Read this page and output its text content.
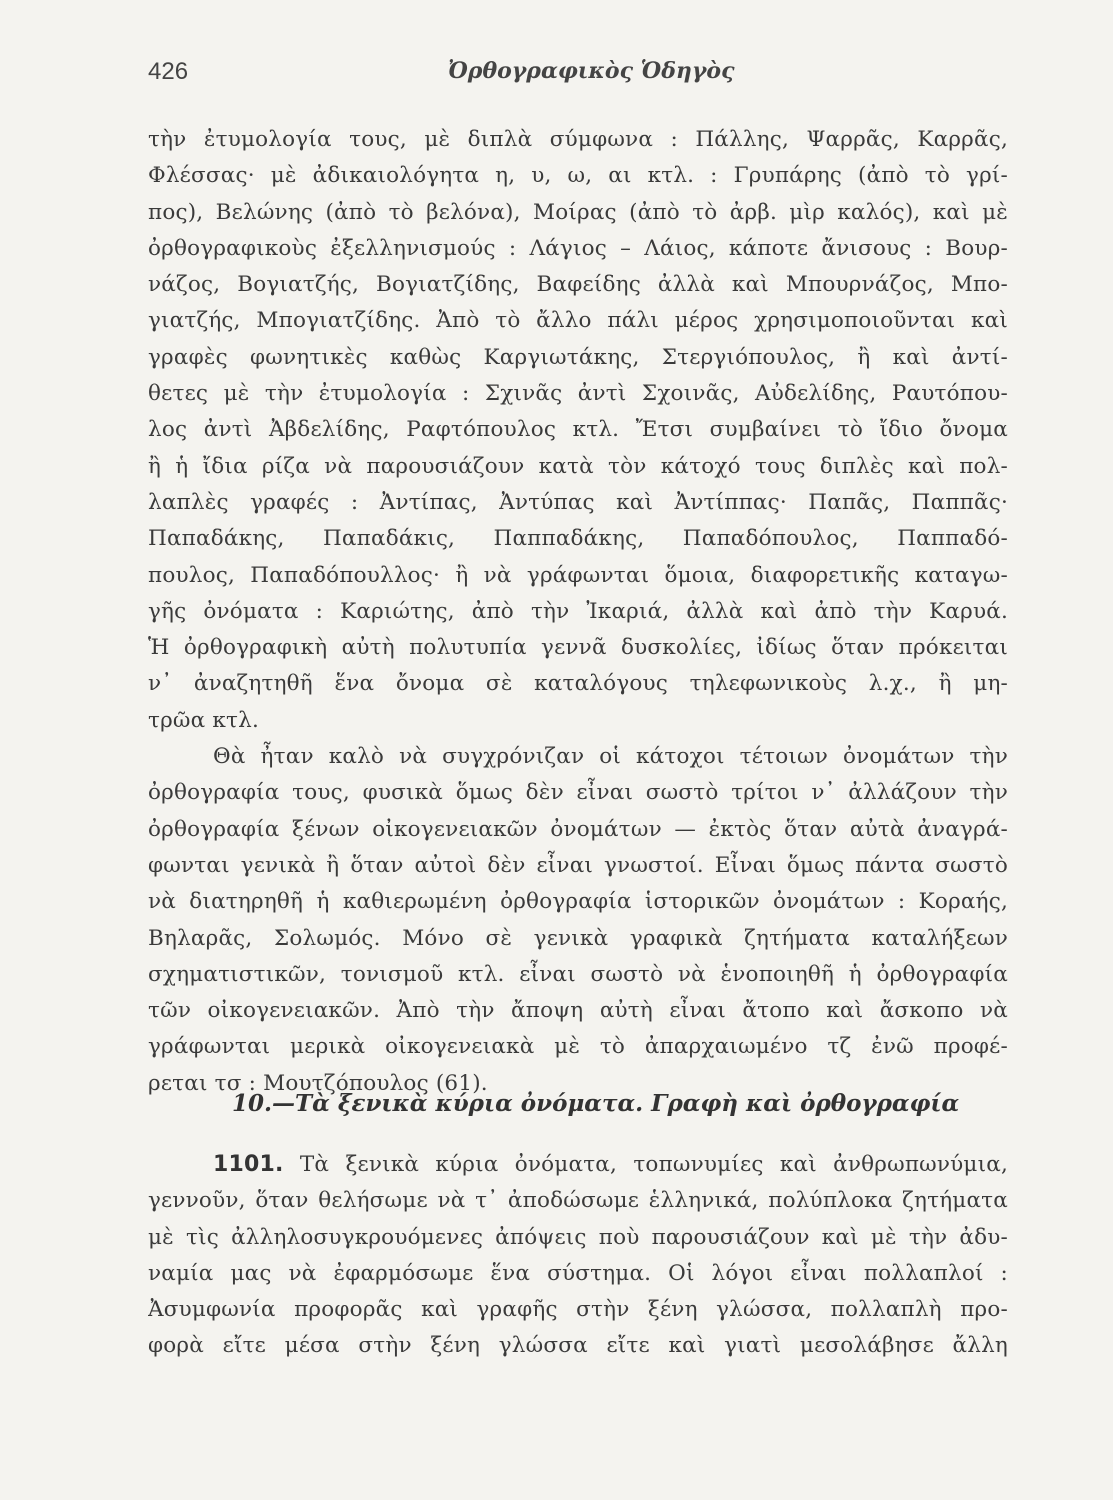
426	Ὀρθογραφικὸς Ὁδηγὸς
τὴν ἐτυμολογία τους, μὲ διπλὰ σύμφωνα : Πάλλης, Ψαρρᾶς, Καρρᾶς,
Φλέσσας· μὲ ἀδικαιολόγητα η, υ, ω, αι κτλ. : Γρυπάρης (ἀπὸ τὸ γρί-
πος), Βελώνης (ἀπὸ τὸ βελόνα), Μοίρας (ἀπὸ τὸ ἀρβ. μὶρ καλός), καὶ μὲ
ὀρθογραφικοὺς ἐξελληνισμούς : Λάγιος – Λάιος, κάποτε ἄνισους : Βουρ-
νάζος, Βογιατζής, Βογιατζίδης, Βαφείδης ἀλλὰ καὶ Μπουρνάζος, Μπο-
γιατζής, Μπογιατζίδης. Ἀπὸ τὸ ἄλλο πάλι μέρος χρησιμοποιοῦνται καὶ
γραφὲς φωνητικὲς καθὼς Καργιωτάκης, Στεργιόπουλος, ἢ καὶ ἀντί-
θετες μὲ τὴν ἐτυμολογία : Σχινᾶς ἀντὶ Σχοινᾶς, Αὐδελίδης, Ραυτόπου-
λος ἀντὶ Ἀβδελίδης, Ραφτόπουλος κτλ. Ἔτσι συμβαίνει τὸ ἴδιο ὄνομα
ἢ ἡ ἴδια ρίζα νὰ παρουσιάζουν κατὰ τὸν κάτοχό τους διπλὲς καὶ πολ-
λαπλὲς γραφές : Ἀντίπας, Ἀντύπας καὶ Ἀντίππας· Παπᾶς, Παππᾶς·
Παπαδάκης, Παπαδάκις, Παππαδάκης, Παπαδόπουλος, Παππαδό-
πουλος, Παπαδόπουλλος· ἢ νὰ γράφωνται ὅμοια, διαφορετικῆς καταγω-
γῆς ὀνόματα : Καριώτης, ἀπὸ τὴν Ἰκαριά, ἀλλὰ καὶ ἀπὸ τὴν Καρυά.
Ἡ ὀρθογραφικὴ αὐτὴ πολυτυπία γεννᾶ δυσκολίες, ἰδίως ὅταν πρόκειται
ν᾿ ἀναζητηθῆ ἕνα ὄνομα σὲ καταλόγους τηλεφωνικοὺς λ.χ., ἢ μη-
τρῶα κτλ.
Θὰ ἦταν καλὸ νὰ συγχρόνιζαν οἱ κάτοχοι τέτοιων ὀνομάτων τὴν
ὀρθογραφία τους, φυσικὰ ὅμως δὲν εἶναι σωστὸ τρίτοι ν᾿ ἀλλάζουν τὴν
ὀρθογραφία ξένων οἰκογενειακῶν ὀνομάτων — ἐκτὸς ὅταν αὐτὰ ἀναγρά-
φωνται γενικὰ ἢ ὅταν αὐτοὶ δὲν εἶναι γνωστοί. Εἶναι ὅμως πάντα σωστὸ
νὰ διατηρηθῆ ἡ καθιερωμένη ὀρθογραφία ἱστορικῶν ὀνομάτων : Κοραής,
Βηλαρᾶς, Σολωμός. Μόνο σὲ γενικὰ γραφικὰ ζητήματα καταλήξεων
σχηματιστικῶν, τονισμοῦ κτλ. εἶναι σωστὸ νὰ ἑνοποιηθῆ ἡ ὀρθογραφία
τῶν οἰκογενειακῶν. Ἀπὸ τὴν ἄποψη αὐτὴ εἶναι ἄτοπο καὶ ἄσκοπο νὰ
γράφωνται μερικὰ οἰκογενειακὰ μὲ τὸ ἀπαρχαιωμένο τζ ἐνῶ προφέ-
ρεται τσ : Μουτζόπουλος (61).
10.—Τὰ ξενικὰ κύρια ὀνόματα. Γραφὴ καὶ ὀρθογραφία
1101. Τὰ ξενικὰ κύρια ὀνόματα, τοπωνυμίες καὶ ἀνθρωπωνύμια,
γεννοῦν, ὅταν θελήσωμε νὰ τ᾿ ἀποδώσωμε ἑλληνικά, πολύπλοκα ζητήματα
μὲ τὶς ἀλληλοσυγκρουόμενες ἀπόψεις ποὺ παρουσιάζουν καὶ μὲ τὴν ἀδυ-
ναμία μας νὰ ἐφαρμόσωμε ἕνα σύστημα. Οἱ λόγοι εἶναι πολλαπλοί :
Ἀσυμφωνία προφορᾶς καὶ γραφῆς στὴν ξένη γλώσσα, πολλαπλὴ προ-
φορὰ εἴτε μέσα στὴν ξένη γλώσσα εἴτε καὶ γιατὶ μεσολάβησε ἄλλη
